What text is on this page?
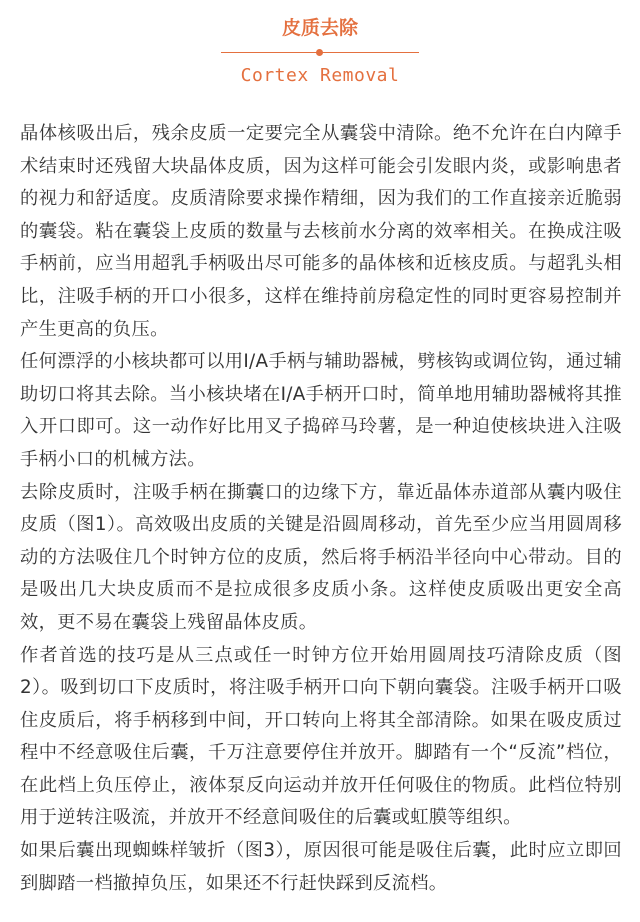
皮质去除
Cortex Removal

晶体核吸出后，残余皮质一定要完全从囊袋中清除。绝不允许在白内障手术结束时还残留大块晶体皮质，因为这样可能会引发眼内炎，或影响患者的视力和舒适度。皮质清除要求操作精细，因为我们的工作直接亲近脆弱的囊袋。粘在囊袋上皮质的数量与去核前水分离的效率相关。在换成注吸手柄前，应当用超乳手柄吸出尽可能多的晶体核和近核皮质。与超乳头相比，注吸手柄的开口小很多，这样在维持前房稳定性的同时更容易控制并产生更高的负压。

任何漂浮的小核块都可以用I/A手柄与辅助器械，劈核钩或调位钩，通过辅助切口将其去除。当小核块堵在I/A手柄开口时，简单地用辅助器械将其推入开口即可。这一动作好比用叉子捣碎马玲薯，是一种迫使核块进入注吸手柄小口的机械方法。

去除皮质时，注吸手柄在撕囊口的边缘下方，靠近晶体赤道部从囊内吸住皮质（图1）。高效吸出皮质的关键是沿圆周移动，首先至少应当用圆周移动的方法吸住几个时钟方位的皮质，然后将手柄沿半径向中心带动。目的是吸出几大块皮质而不是拉成很多皮质小条。这样使皮质吸出更安全高效，更不易在囊袋上残留晶体皮质。

作者首选的技巧是从三点或任一时钟方位开始用圆周技巧清除皮质（图2）。吸到切口下皮质时，将注吸手柄开口向下朝向囊袋。注吸手柄开口吸住皮质后，将手柄移到中间，开口转向上将其全部清除。如果在吸皮质过程中不经意吸住后囊，千万注意要停住并放开。脚踏有一个“反流”档位，在此档上负压停止，液体泵反向运动并放开任何吸住的物质。此档位特别用于逆转注吸流，并放开不经意间吸住的后囊或虹膜等组织。

如果后囊出现蜘蛛样皱折（图3），原因很可能是吸住后囊，此时应立即回到脚踏一档撤掉负压，如果还不行赶快踩到反流档。
